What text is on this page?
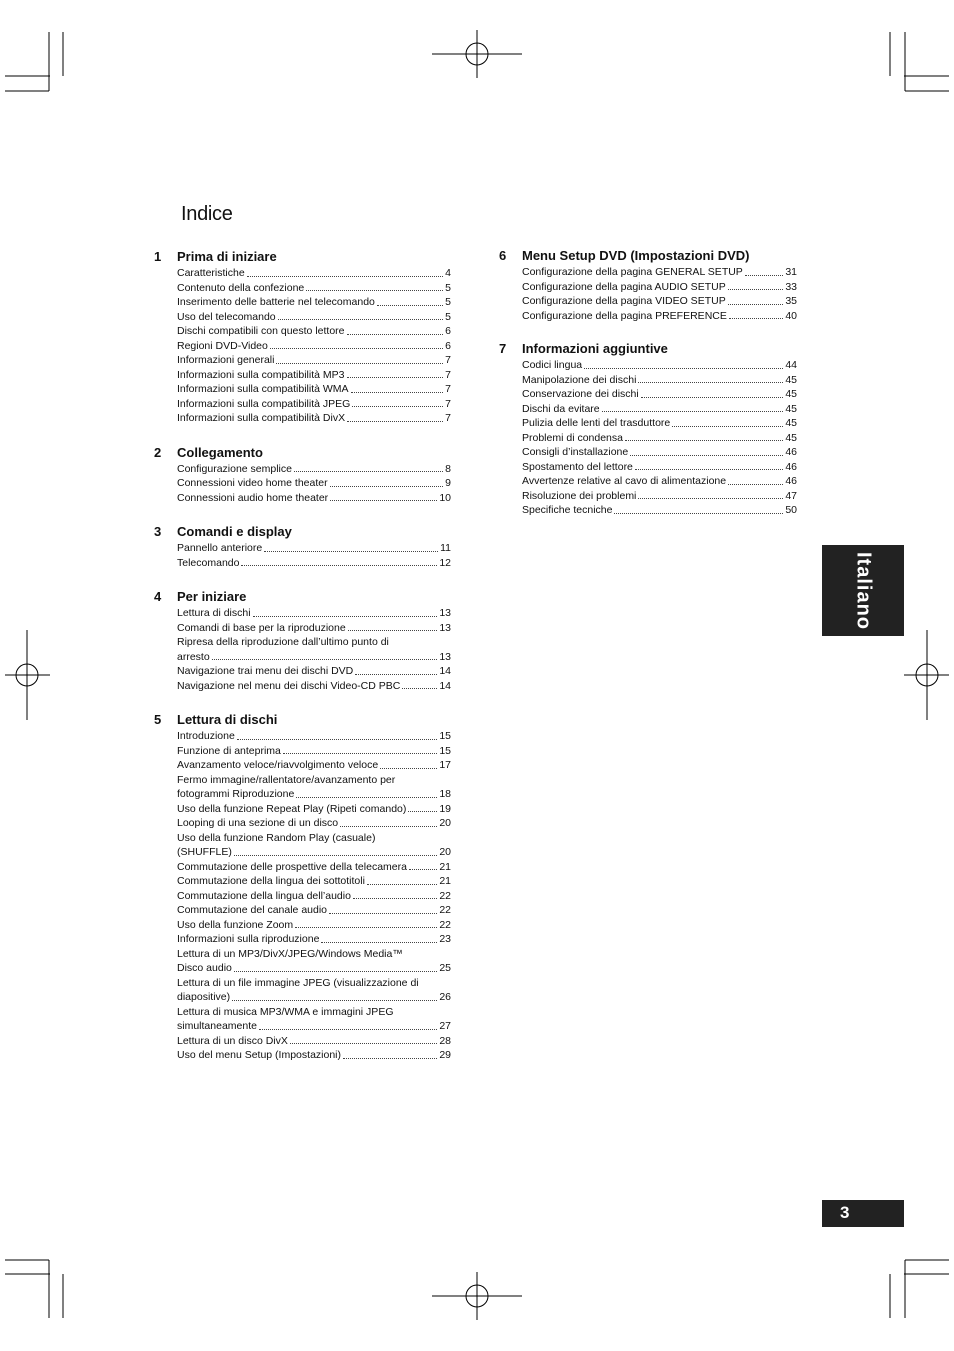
Indice
1	Prima di iniziare
Caratteristiche	4
Contenuto della confezione	5
Inserimento delle batterie nel telecomando	5
Uso del telecomando	5
Dischi compatibili con questo lettore	6
Regioni DVD-Video	6
Informazioni generali	7
Informazioni sulla compatibilità MP3	7
Informazioni sulla compatibilità WMA	7
Informazioni sulla compatibilità JPEG	7
Informazioni sulla compatibilità DivX	7
2	Collegamento
Configurazione semplice	8
Connessioni video home theater	9
Connessioni audio home theater	10
3	Comandi e display
Pannello anteriore	11
Telecomando	12
4	Per iniziare
Lettura di dischi	13
Comandi di base per la riproduzione	13
Ripresa della riproduzione dall’ultimo punto di
arresto	13
Navigazione trai menu dei dischi DVD	14
Navigazione nel menu dei dischi Video-CD PBC	14
5	Lettura di dischi
Introduzione	15
Funzione di anteprima	15
Avanzamento veloce/riavvolgimento veloce	17
Fermo immagine/rallentatore/avanzamento per
fotogrammi Riproduzione	18
Uso della funzione Repeat Play (Ripeti comando)	19
Looping di una sezione di un disco	20
Uso della funzione Random Play (casuale)
(SHUFFLE)	20
Commutazione delle prospettive della telecamera	21
Commutazione della lingua dei sottotitoli	21
Commutazione della lingua dell’audio	22
Commutazione del canale audio	22
Uso della funzione Zoom	22
Informazioni sulla riproduzione	23
Lettura di un MP3/DivX/JPEG/Windows Media™
Disco audio	25
Lettura di un file immagine JPEG (visualizzazione di
diapositive)	26
Lettura di musica MP3/WMA e immagini JPEG
simultaneamente	27
Lettura di un disco DivX	28
Uso del menu Setup (Impostazioni)	29
6	Menu Setup DVD (Impostazioni DVD)
Configurazione della pagina GENERAL SETUP	31
Configurazione della pagina AUDIO SETUP	33
Configurazione della pagina VIDEO SETUP	35
Configurazione della pagina PREFERENCE	40
7	Informazioni aggiuntive
Codici lingua	44
Manipolazione dei dischi	45
Conservazione dei dischi	45
Dischi da evitare	45
Pulizia delle lenti del trasduttore	45
Problemi di condensa	45
Consigli d’installazione	46
Spostamento del lettore	46
Avvertenze relative al cavo di alimentazione	46
Risoluzione dei problemi	47
Specifiche tecniche	50
Italiano
3
